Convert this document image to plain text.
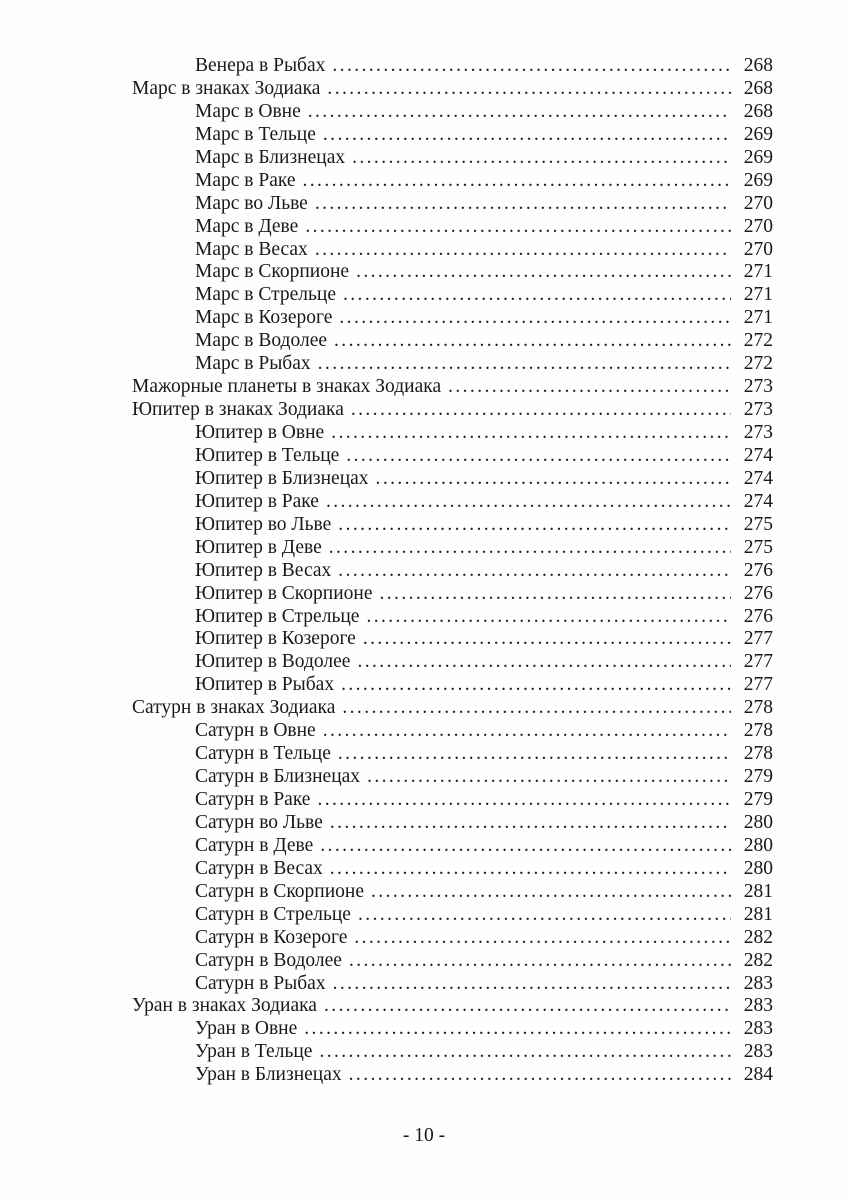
Венера в Рыбах .....	268
Марс в знаках Зодиака .....	268
Марс в Овне .....	268
Марс в Тельце .....	269
Марс в Близнецах .....	269
Марс в Раке .....	269
Марс во Льве .....	270
Марс в Деве .....	270
Марс в Весах .....	270
Марс в Скорпионе .....	271
Марс в Стрельце .....	271
Марс в Козероге .....	271
Марс в Водолее .....	272
Марс в Рыбах .....	272
Мажорные планеты в знаках Зодиака .....	273
Юпитер в знаках Зодиака .....	273
Юпитер в Овне .....	273
Юпитер в Тельце .....	274
Юпитер в Близнецах .....	274
Юпитер в Раке .....	274
Юпитер во Льве .....	275
Юпитер в Деве .....	275
Юпитер в Весах .....	276
Юпитер в Скорпионе .....	276
Юпитер в Стрельце .....	276
Юпитер в Козероге .....	277
Юпитер в Водолее .....	277
Юпитер в Рыбах .....	277
Сатурн в знаках Зодиака .....	278
Сатурн в Овне .....	278
Сатурн в Тельце .....	278
Сатурн в Близнецах .....	279
Сатурн в Раке .....	279
Сатурн во Льве .....	280
Сатурн в Деве .....	280
Сатурн в Весах .....	280
Сатурн в Скорпионе .....	281
Сатурн в Стрельце .....	281
Сатурн в Козероге .....	282
Сатурн в Водолее .....	282
Сатурн в Рыбах .....	283
Уран в знаках Зодиака .....	283
Уран в Овне .....	283
Уран в Тельце .....	283
Уран в Близнецах .....	284
- 10 -
